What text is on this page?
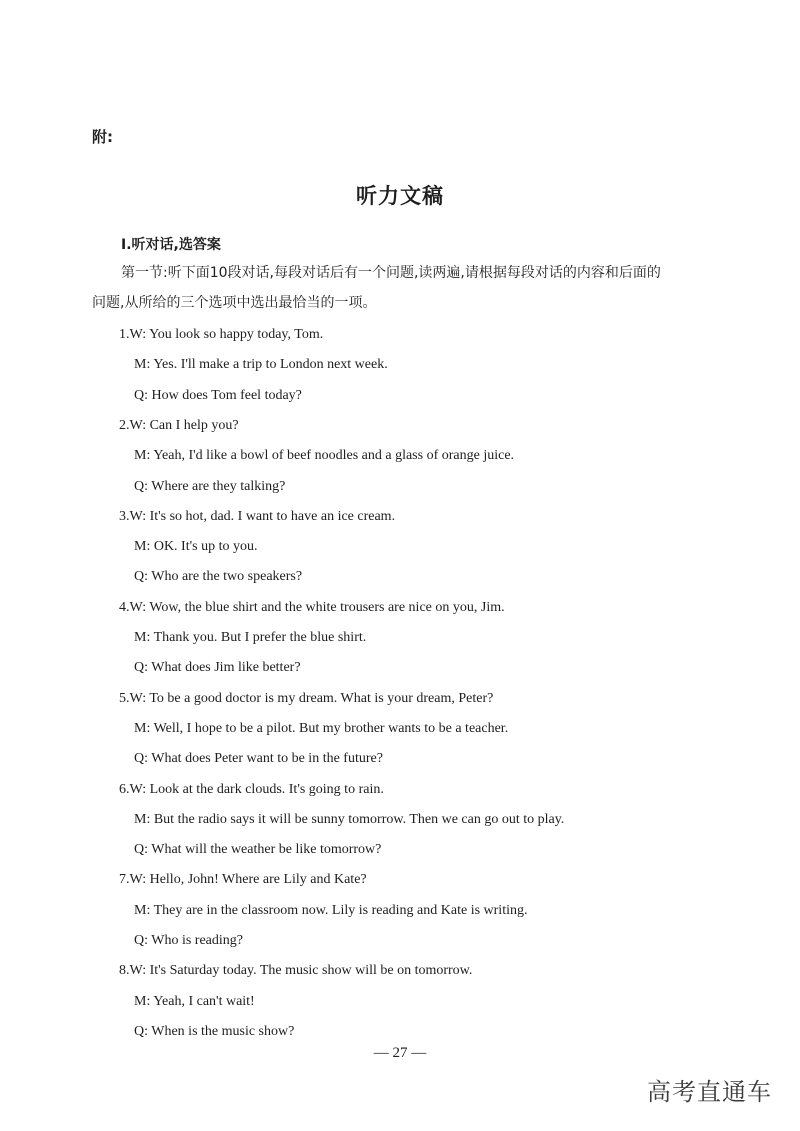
附:
听力文稿
Ⅰ.听对话,选答案
第一节:听下面10段对话,每段对话后有一个问题,读两遍,请根据每段对话的内容和后面的
问题,从所给的三个选项中选出最恰当的一项。
1.W: You look so happy today, Tom.
M: Yes. I'll make a trip to London next week.
Q: How does Tom feel today?
2.W: Can I help you?
M: Yeah, I'd like a bowl of beef noodles and a glass of orange juice.
Q: Where are they talking?
3.W: It's so hot, dad. I want to have an ice cream.
M: OK. It's up to you.
Q: Who are the two speakers?
4.W: Wow, the blue shirt and the white trousers are nice on you, Jim.
M: Thank you. But I prefer the blue shirt.
Q: What does Jim like better?
5.W: To be a good doctor is my dream. What is your dream, Peter?
M: Well, I hope to be a pilot. But my brother wants to be a teacher.
Q: What does Peter want to be in the future?
6.W: Look at the dark clouds. It's going to rain.
M: But the radio says it will be sunny tomorrow. Then we can go out to play.
Q: What will the weather be like tomorrow?
7.W: Hello, John! Where are Lily and Kate?
M: They are in the classroom now. Lily is reading and Kate is writing.
Q: Who is reading?
8.W: It's Saturday today. The music show will be on tomorrow.
M: Yeah, I can't wait!
Q: When is the music show?
— 27 —
高考直通车
